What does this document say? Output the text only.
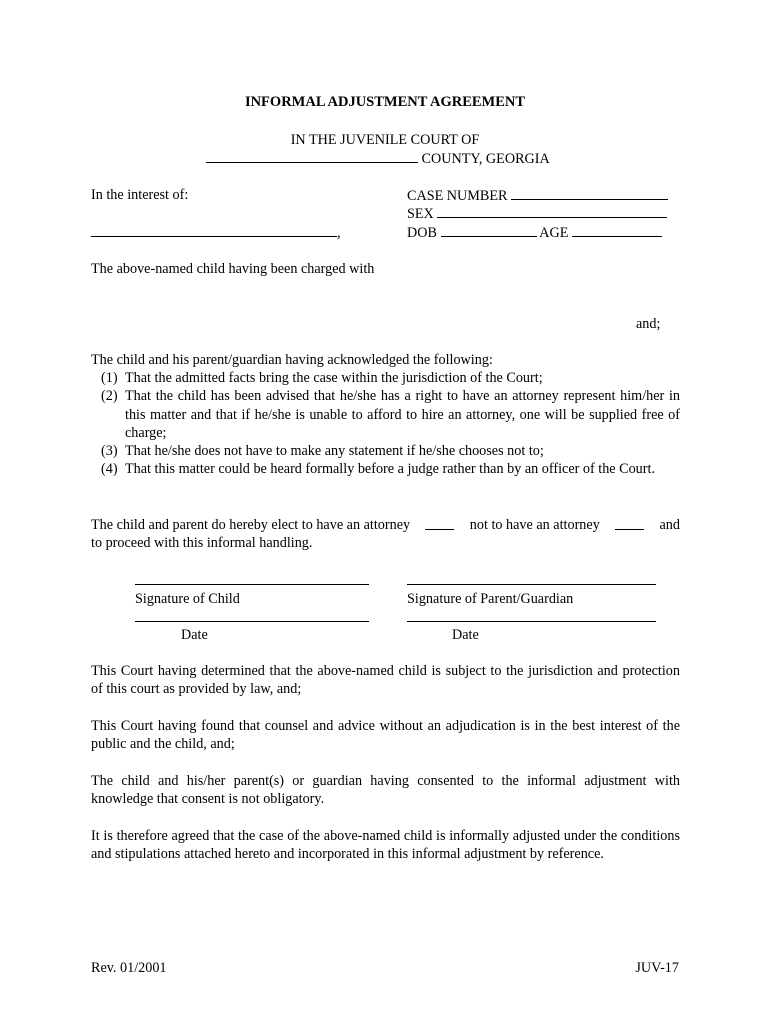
INFORMAL ADJUSTMENT AGREEMENT
IN THE JUVENILE COURT OF
COUNTY, GEORGIA
In the interest of:
,
CASE NUMBER
SEX
DOB	AGE
The above-named child having been charged with
and;
The child and his parent/guardian having acknowledged the following:
(1) That the admitted facts bring the case within the jurisdiction of the Court;
(2) That the child has been advised that he/she has a right to have an attorney represent him/her in this matter and that if he/she is unable to afford to hire an attorney, one will be supplied free of charge;
(3) That he/she does not have to make any statement if he/she chooses not to;
(4) That this matter could be heard formally before a judge rather than by an officer of the Court.
The child and parent do hereby elect to have an attorney	not to have an attorney	and
to proceed with this informal handling.
Signature of Child	Signature of Parent/Guardian
Date	Date
This Court having determined that the above-named child is subject to the jurisdiction and protection of this court as provided by law, and;
This Court having found that counsel and advice without an adjudication is in the best interest of the public and the child, and;
The child and his/her parent(s) or guardian having consented to the informal adjustment with knowledge that consent is not obligatory.
It is therefore agreed that the case of the above-named child is informally adjusted under the conditions and stipulations attached hereto and incorporated in this informal adjustment by reference.
Rev. 01/2001	JUV-17
